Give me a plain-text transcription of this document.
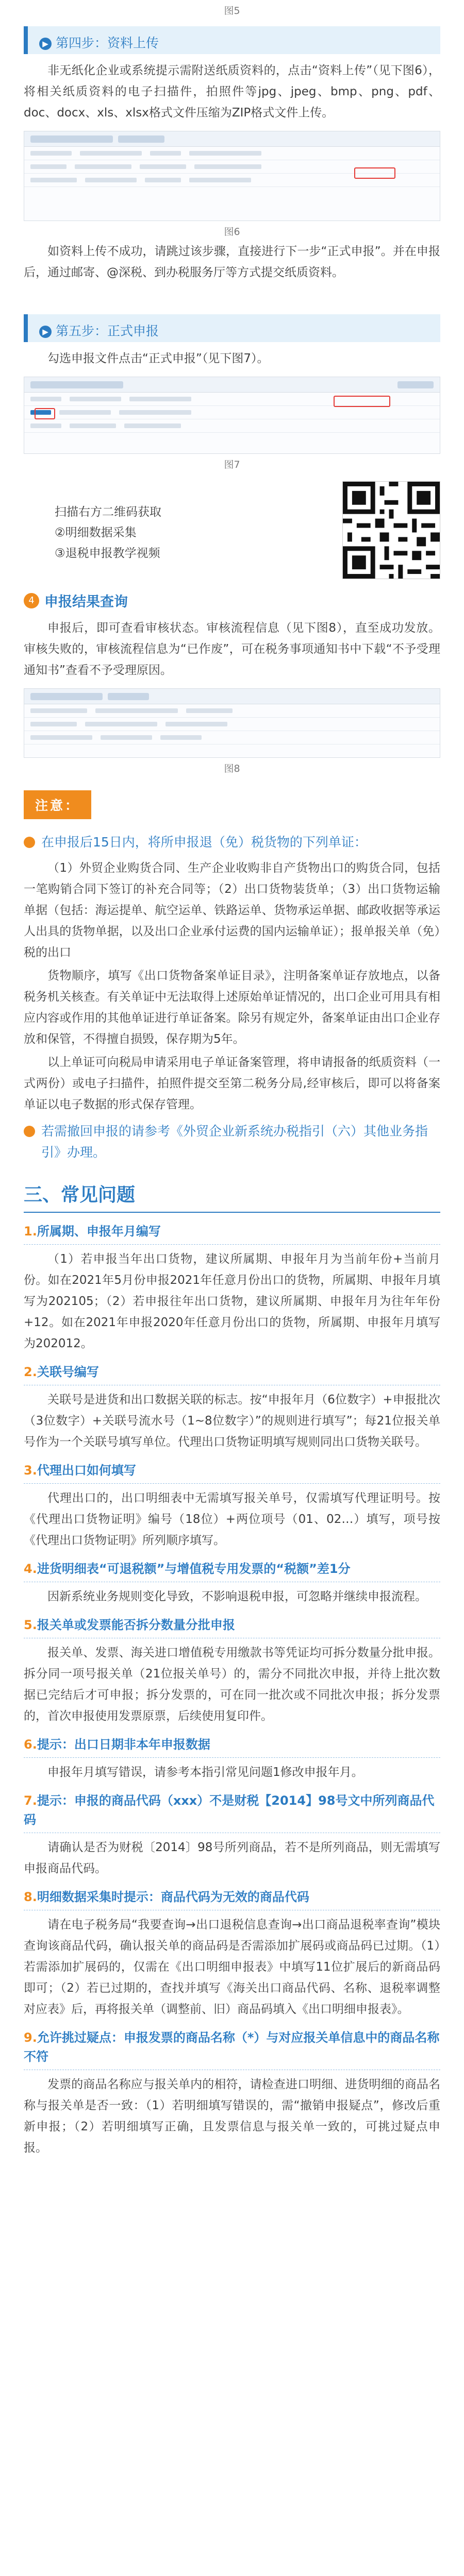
图5
▶ 第四步：资料上传

非无纸化企业或系统提示需附送纸质资料的，点击“资料上传”（见下图6），将相关纸质资料的电子扫描件，拍照件等jpg、jpeg、bmp、png、pdf、doc、docx、xls、xlsx格式文件压缩为ZIP格式文件上传。

图6

如资料上传不成功，请跳过该步骤，直接进行下一步“正式申报”。并在申报后，通过邮寄、@深税、到办税服务厅等方式提交纸质资料。

▶ 第五步：正式申报

勾选申报文件点击“正式申报”（见下图7）。

图7
扫描右方二维码获取
②明细数据采集
③退税申报教学视频
4 申报结果查询

申报后，即可查看审核状态。审核流程信息（见下图8），直至成功发放。审核失败的，审核流程信息为“已作废”，可在税务事项通知书中下载“不予受理通知书”查看不予受理原因。

图8
注意：
在申报后15日内，将所申报退（免）税货物的下列单证：

（1）外贸企业购货合同、生产企业收购非自产货物出口的购货合同，包括一笔购销合同下签订的补充合同等；（2）出口货物装货单；（3）出口货物运输单据（包括：海运提单、航空运单、铁路运单、货物承运单据、邮政收据等承运人出具的货物单据，以及出口企业承付运费的国内运输单证）；报单报关单（免）税的出口

货物顺序，填写《出口货物备案单证目录》，注明备案单证存放地点，以备税务机关核查。有关单证中无法取得上述原始单证情况的，出口企业可用具有相应内容或作用的其他单证进行单证备案。除另有规定外，备案单证由出口企业存放和保管，不得擅自损毁，保存期为5年。

以上单证可向税局申请采用电子单证备案管理，将申请报备的纸质资料（一式两份）或电子扫描件，拍照件提交至第二税务分局,经审核后，即可以将备案单证以电子数据的形式保存管理。

若需撤回申报的请参考《外贸企业新系统办税指引（六）其他业务指引》办理。
三、常见问题
1.所属期、申报年月编写

（1）若申报当年出口货物，建议所属期、申报年月为当前年份+当前月份。如在2021年5月份申报2021年任意月份出口的货物，所属期、申报年月填写为202105；（2）若申报往年出口货物，建议所属期、申报年月为往年年份+12。如在2021年申报2020年任意月份出口的货物，所属期、申报年月填写为202012。

2.关联号编写

关联号是进货和出口数据关联的标志。按“申报年月（6位数字）+申报批次（3位数字）+关联号流水号（1~8位数字）”的规则进行填写”；每21位报关单号作为一个关联号填写单位。代理出口货物证明填写规则同出口货物关联号。

3.代理出口如何填写

代理出口的，出口明细表中无需填写报关单号，仅需填写代理证明号。按《代理出口货物证明》编号（18位）+两位项号（01、02…）填写，项号按《代理出口货物证明》所列顺序填写。

4.进货明细表“可退税额”与增值税专用发票的“税额”差1分

因新系统业务规则变化导致，不影响退税申报，可忽略并继续申报流程。

5.报关单或发票能否拆分数量分批申报

报关单、发票、海关进口增值税专用缴款书等凭证均可拆分数量分批申报。拆分同一项号报关单（21位报关单号）的，需分不同批次申报，并待上批次数据已完结后才可申报；拆分发票的，可在同一批次或不同批次申报；拆分发票的，首次申报使用发票原票，后续使用复印件。

6.提示：出口日期非本年申报数据

申报年月填写错误，请参考本指引常见问题1修改申报年月。

7.提示：申报的商品代码（xxx）不是财税【2014】98号文中所列商品代码

请确认是否为财税〔2014〕98号所列商品，若不是所列商品，则无需填写申报商品代码。

8.明细数据采集时提示：商品代码为无效的商品代码

请在电子税务局“我要查询→出口退税信息查询→出口商品退税率查询”模块查询该商品代码，确认报关单的商品码是否需添加扩展码或商品码已过期。（1）若需添加扩展码的，仅需在《出口明细申报表》中填写11位扩展后的新商品码即可；（2）若已过期的，查找并填写《海关出口商品代码、名称、退税率调整对应表》后，再将报关单（调整前、旧）商品码填入《出口明细申报表》。

9.允许挑过疑点：申报发票的商品名称（*）与对应报关单信息中的商品名称不符

发票的商品名称应与报关单内的相符，请检查进口明细、进货明细的商品名称与报关单是否一致：（1）若明细填写错误的，需“撤销申报疑点”，修改后重新申报；（2）若明细填写正确，且发票信息与报关单一致的，可挑过疑点申报。
